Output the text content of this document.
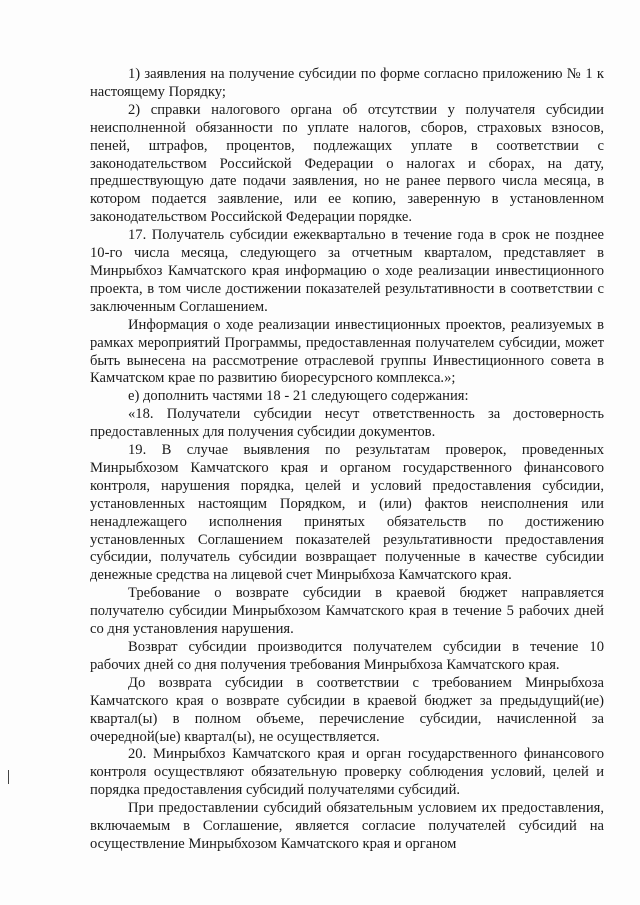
1) заявления на получение субсидии по форме согласно приложению № 1 к настоящему Порядку;

2) справки налогового органа об отсутствии у получателя субсидии неисполненной обязанности по уплате налогов, сборов, страховых взносов, пеней, штрафов, процентов, подлежащих уплате в соответствии с законодательством Российской Федерации о налогах и сборах, на дату, предшествующую дате подачи заявления, но не ранее первого числа месяца, в котором подается заявление, или ее копию, заверенную в установленном законодательством Российской Федерации порядке.

17. Получатель субсидии ежеквартально в течение года в срок не позднее 10-го числа месяца, следующего за отчетным кварталом, представляет в Минрыбхоз Камчатского края информацию о ходе реализации инвестиционного проекта, в том числе достижении показателей результативности в соответствии с заключенным Соглашением.

Информация о ходе реализации инвестиционных проектов, реализуемых в рамках мероприятий Программы, предоставленная получателем субсидии, может быть вынесена на рассмотрение отраслевой группы Инвестиционного совета в Камчатском крае по развитию биоресурсного комплекса.»;

е) дополнить частями 18 - 21 следующего содержания:

«18. Получатели субсидии несут ответственность за достоверность предоставленных для получения субсидии документов.

19. В случае выявления по результатам проверок, проведенных Минрыбхозом Камчатского края и органом государственного финансового контроля, нарушения порядка, целей и условий предоставления субсидии, установленных настоящим Порядком, и (или) фактов неисполнения или ненадлежащего исполнения принятых обязательств по достижению установленных Соглашением показателей результативности предоставления субсидии, получатель субсидии возвращает полученные в качестве субсидии денежные средства на лицевой счет Минрыбхоза Камчатского края.

Требование о возврате субсидии в краевой бюджет направляется получателю субсидии Минрыбхозом Камчатского края в течение 5 рабочих дней со дня установления нарушения.

Возврат субсидии производится получателем субсидии в течение 10 рабочих дней со дня получения требования Минрыбхоза Камчатского края.

До возврата субсидии в соответствии с требованием Минрыбхоза Камчатского края о возврате субсидии в краевой бюджет за предыдущий(ие) квартал(ы) в полном объеме, перечисление субсидии, начисленной за очередной(ые) квартал(ы), не осуществляется.

20. Минрыбхоз Камчатского края и орган государственного финансового контроля осуществляют обязательную проверку соблюдения условий, целей и порядка предоставления субсидий получателями субсидий.

При предоставлении субсидий обязательным условием их предоставления, включаемым в Соглашение, является согласие получателей субсидий на осуществление Минрыбхозом Камчатского края и органом
